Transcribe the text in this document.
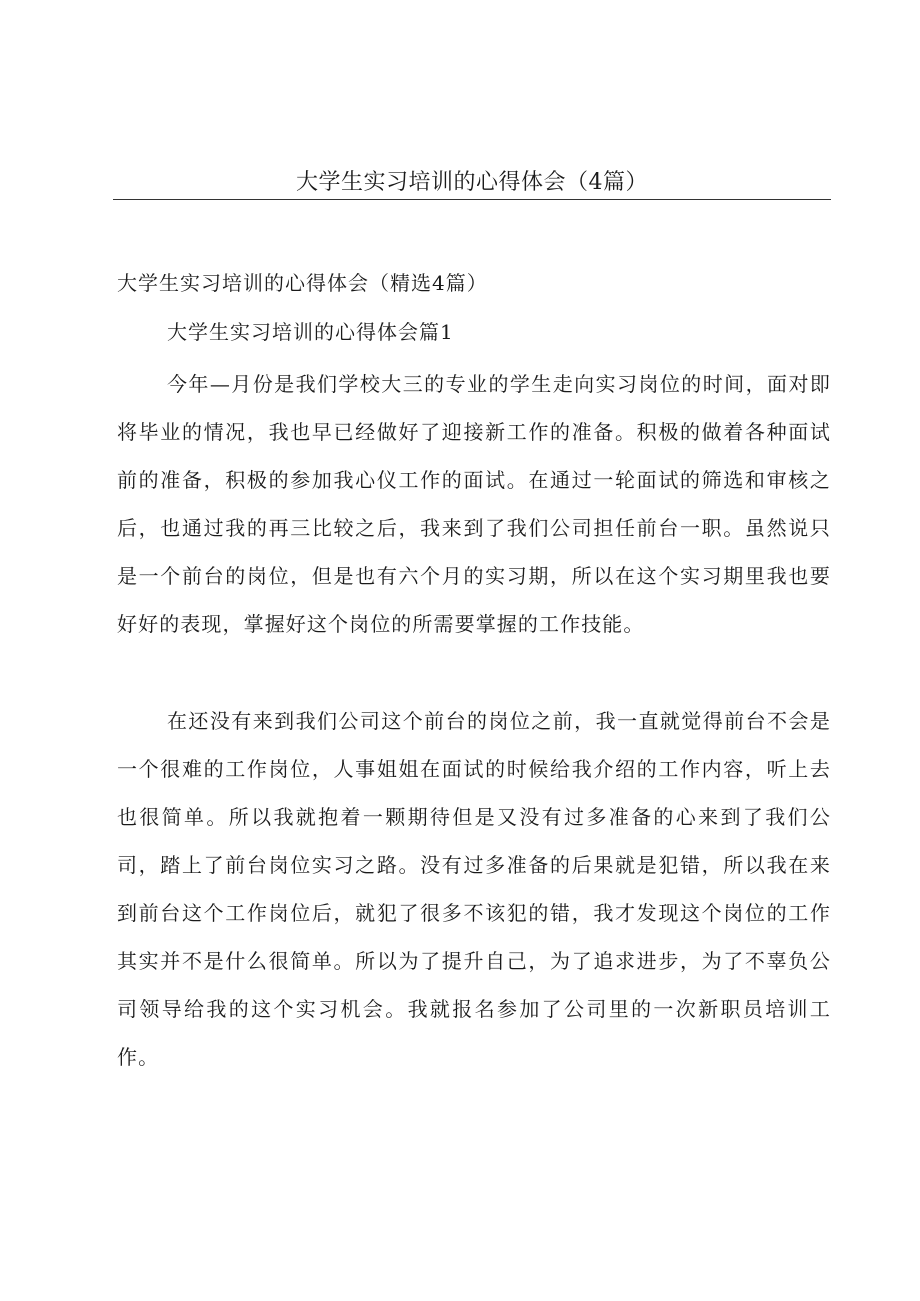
大学生实习培训的心得体会（4篇）

大学生实习培训的心得体会（精选4篇）

大学生实习培训的心得体会篇1

今年—月份是我们学校大三的专业的学生走向实习岗位的时间，面对即将毕业的情况，我也早已经做好了迎接新工作的准备。积极的做着各种面试前的准备，积极的参加我心仪工作的面试。在通过一轮面试的筛选和审核之后，也通过我的再三比较之后，我来到了我们公司担任前台一职。虽然说只是一个前台的岗位，但是也有六个月的实习期，所以在这个实习期里我也要好好的表现，掌握好这个岗位的所需要掌握的工作技能。

在还没有来到我们公司这个前台的岗位之前，我一直就觉得前台不会是一个很难的工作岗位，人事姐姐在面试的时候给我介绍的工作内容，听上去也很简单。所以我就抱着一颗期待但是又没有过多准备的心来到了我们公司，踏上了前台岗位实习之路。没有过多准备的后果就是犯错，所以我在来到前台这个工作岗位后，就犯了很多不该犯的错，我才发现这个岗位的工作其实并不是什么很简单。所以为了提升自己，为了追求进步，为了不辜负公司领导给我的这个实习机会。我就报名参加了公司里的一次新职员培训工作。
